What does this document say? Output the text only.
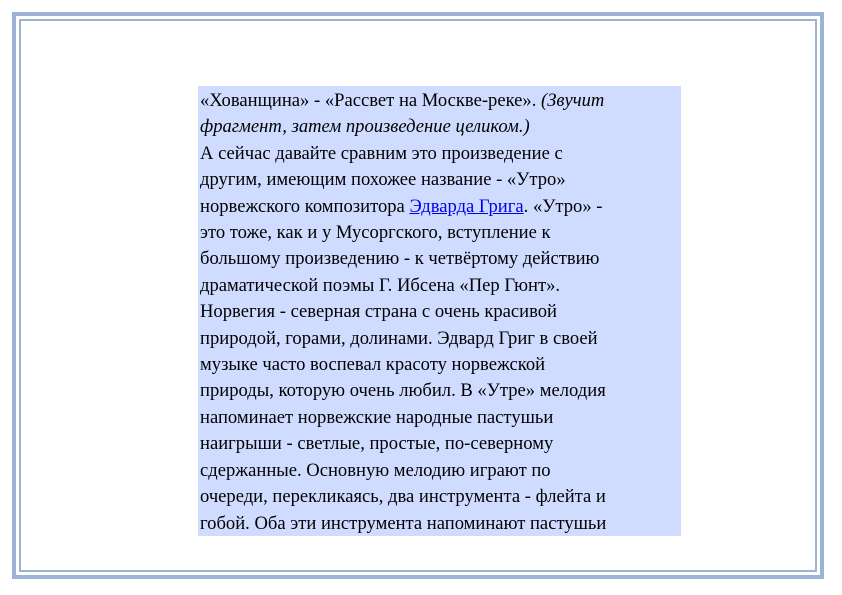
«Хованщина» - «Рассвет на Москве-реке». (Звучит
фрагмент, затем произведение целиком.)
А сейчас давайте сравним это произведение с
другим, имеющим похожее название - «Утро»
норвежского композитора Эдварда Грига. «Утро» -
это тоже, как и у Мусоргского, вступление к
большому произведению - к четвёртому действию
драматической поэмы Г. Ибсена «Пер Гюнт».
Норвегия - северная страна с очень красивой
природой, горами, долинами. Эдвард Григ в своей
музыке часто воспевал красоту норвежской
природы, которую очень любил. В «Утре» мелодия
напоминает норвежские народные пастушьи
наигрыши - светлые, простые, по-северному
сдержанные. Основную мелодию играют по
очереди, перекликаясь, два инструмента - флейта и
гобой. Оба эти инструмента напоминают пастушьи
